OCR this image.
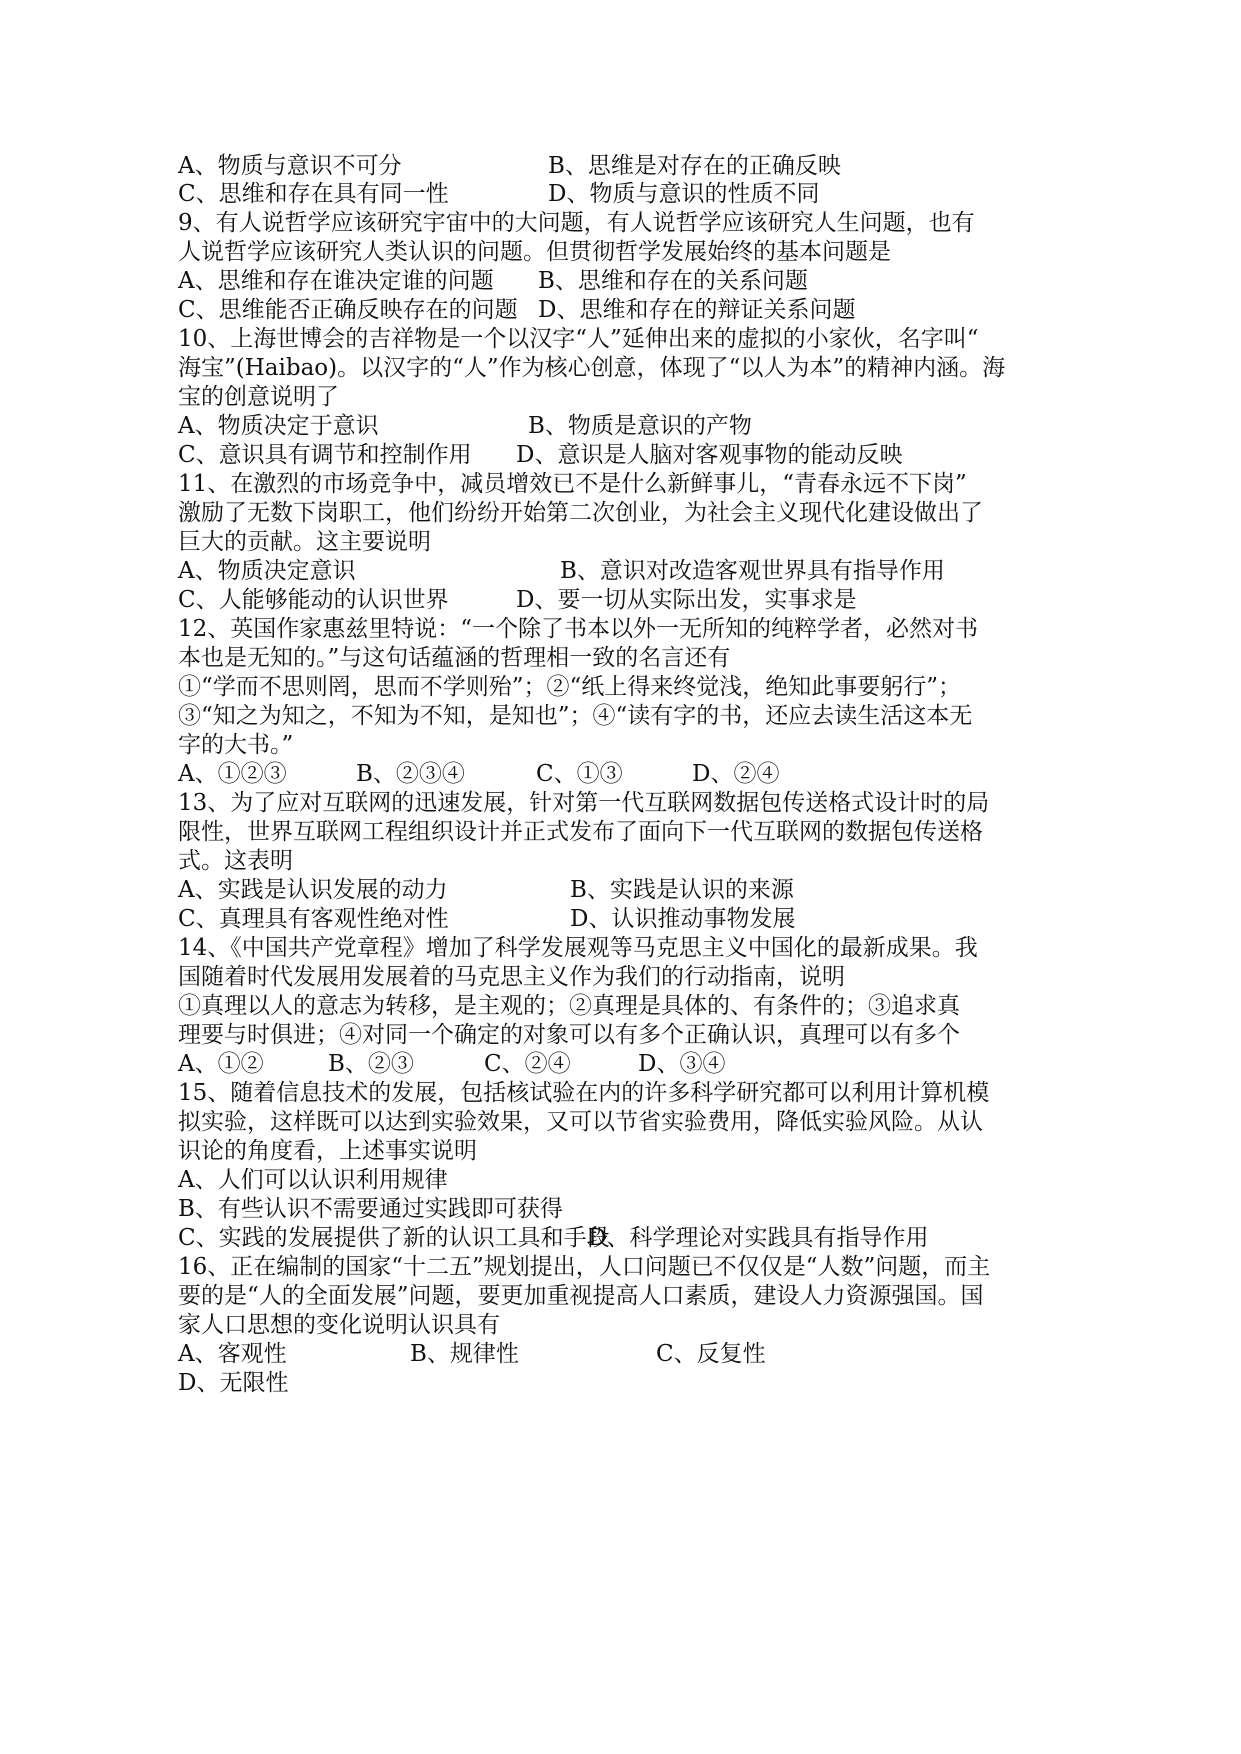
A、物质与意识不可分	B、思维是对存在的正确反映
C、思维和存在具有同一性	D、物质与意识的性质不同
9、有人说哲学应该研究宇宙中的大问题，有人说哲学应该研究人生问题，也有
人说哲学应该研究人类认识的问题。但贯彻哲学发展始终的基本问题是
A、思维和存在谁决定谁的问题 B、思维和存在的关系问题
C、思维能否正确反映存在的问题 D、思维和存在的辩证关系问题
10、上海世博会的吉祥物是一个以汉字“人”延伸出来的虚拟的小家伙，名字叫“
海宝”(Haibao)。以汉字的“人”作为核心创意，体现了“以人为本”的精神内涵。海
宝的创意说明了
A、物质决定于意识	B、物质是意识的产物
C、意识具有调节和控制作用 D、意识是人脑对客观事物的能动反映
11、在激烈的市场竞争中，减员增效已不是什么新鲜事儿，“青春永远不下岗”
激励了无数下岗职工，他们纷纷开始第二次创业，为社会主义现代化建设做出了
巨大的贡献。这主要说明
A、物质决定意识	B、意识对改造客观世界具有指导作用
C、人能够能动的认识世界	D、要一切从实际出发，实事求是
12、英国作家惠兹里特说：“一个除了书本以外一无所知的纯粹学者，必然对书
本也是无知的。”与这句话蕴涵的哲理相一致的名言还有
①“学而不思则罔，思而不学则殆”；②“纸上得来终觉浅，绝知此事要躬行”；
③“知之为知之，不知为不知，是知也”；④“读有字的书，还应去读生活这本无
字的大书。”
A、①②③	B、②③④	C、①③	D、②④
13、为了应对互联网的迅速发展，针对第一代互联网数据包传送格式设计时的局
限性，世界互联网工程组织设计并正式发布了面向下一代互联网的数据包传送格
式。这表明
A、实践是认识发展的动力	B、实践是认识的来源
C、真理具有客观性绝对性	D、认识推动事物发展
14、《中国共产党章程》增加了科学发展观等马克思主义中国化的最新成果。我
国随着时代发展用发展着的马克思主义作为我们的行动指南，说明
①真理以人的意志为转移，是主观的；②真理是具体的、有条件的；③追求真
理要与时俱进；④对同一个确定的对象可以有多个正确认识，真理可以有多个
A、①②	B、②③	C、②④	D、③④
15、随着信息技术的发展，包括核试验在内的许多科学研究都可以利用计算机模
拟实验，这样既可以达到实验效果，又可以节省实验费用，降低实验风险。从认
识论的角度看，上述事实说明
A、人们可以认识利用规律
B、有些认识不需要通过实践即可获得
C、实践的发展提供了新的认识工具和手段
D、科学理论对实践具有指导作用
16、正在编制的国家“十二五”规划提出，人口问题已不仅仅是“人数”问题，而主
要的是“人的全面发展”问题，要更加重视提高人口素质，建设人力资源强国。国
家人口思想的变化说明认识具有
A、客观性	B、规律性	C、反复性
D、无限性
